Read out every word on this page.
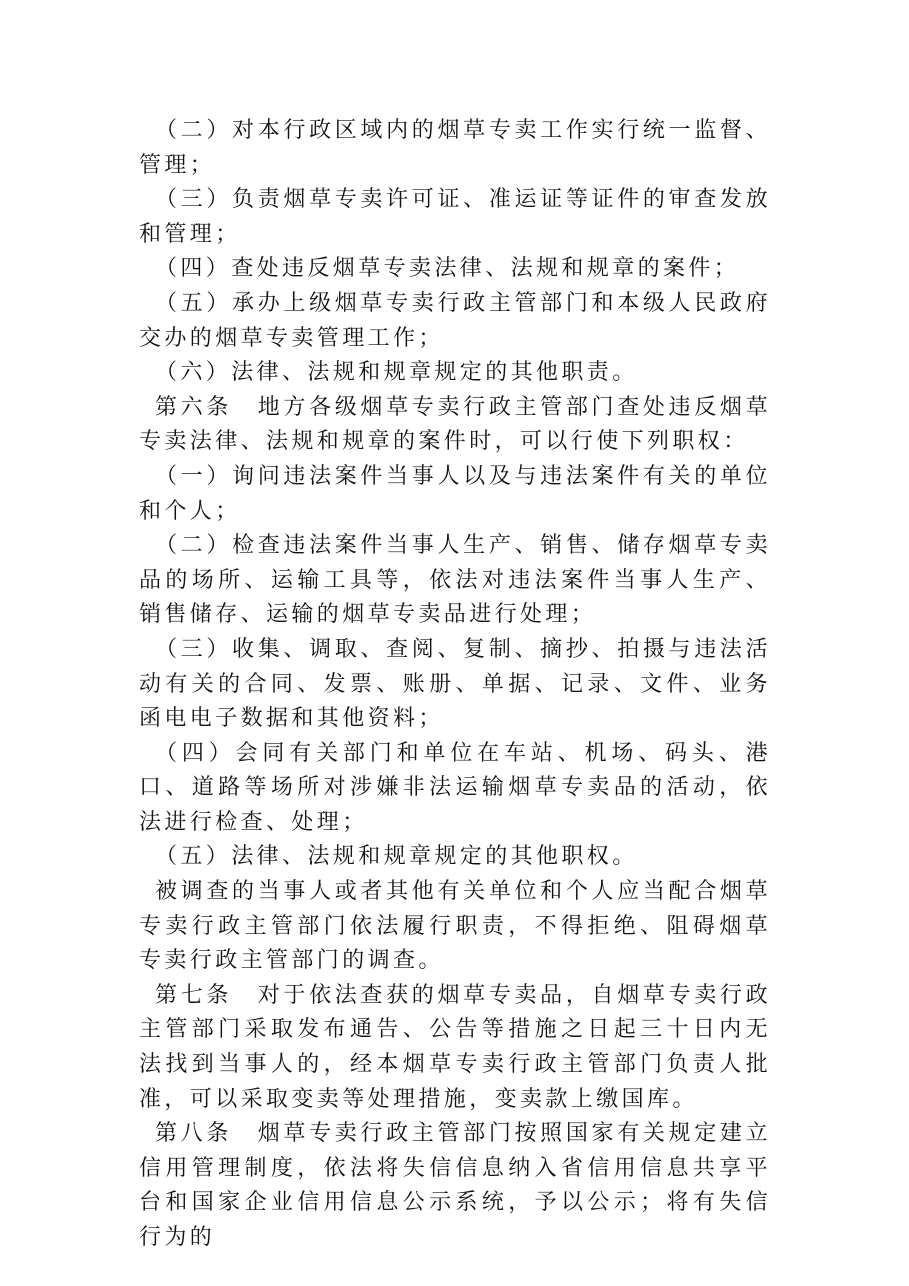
（二）对本行政区域内的烟草专卖工作实行统一监督、管理；

（三）负责烟草专卖许可证、准运证等证件的审查发放和管理；

（四）查处违反烟草专卖法律、法规和规章的案件；

（五）承办上级烟草专卖行政主管部门和本级人民政府交办的烟草专卖管理工作；

（六）法律、法规和规章规定的其他职责。

第六条　地方各级烟草专卖行政主管部门查处违反烟草专卖法律、法规和规章的案件时，可以行使下列职权：

（一）询问违法案件当事人以及与违法案件有关的单位和个人；

（二）检查违法案件当事人生产、销售、储存烟草专卖品的场所、运输工具等，依法对违法案件当事人生产、销售储存、运输的烟草专卖品进行处理；

（三）收集、调取、查阅、复制、摘抄、拍摄与违法活动有关的合同、发票、账册、单据、记录、文件、业务函电电子数据和其他资料；

（四）会同有关部门和单位在车站、机场、码头、港口、道路等场所对涉嫌非法运输烟草专卖品的活动，依法进行检查、处理；

（五）法律、法规和规章规定的其他职权。

被调查的当事人或者其他有关单位和个人应当配合烟草专卖行政主管部门依法履行职责，不得拒绝、阻碍烟草专卖行政主管部门的调查。

第七条　对于依法查获的烟草专卖品，自烟草专卖行政主管部门采取发布通告、公告等措施之日起三十日内无法找到当事人的，经本烟草专卖行政主管部门负责人批准，可以采取变卖等处理措施，变卖款上缴国库。

第八条　烟草专卖行政主管部门按照国家有关规定建立信用管理制度，依法将失信信息纳入省信用信息共享平台和国家企业信用信息公示系统，予以公示；将有失信行为的
